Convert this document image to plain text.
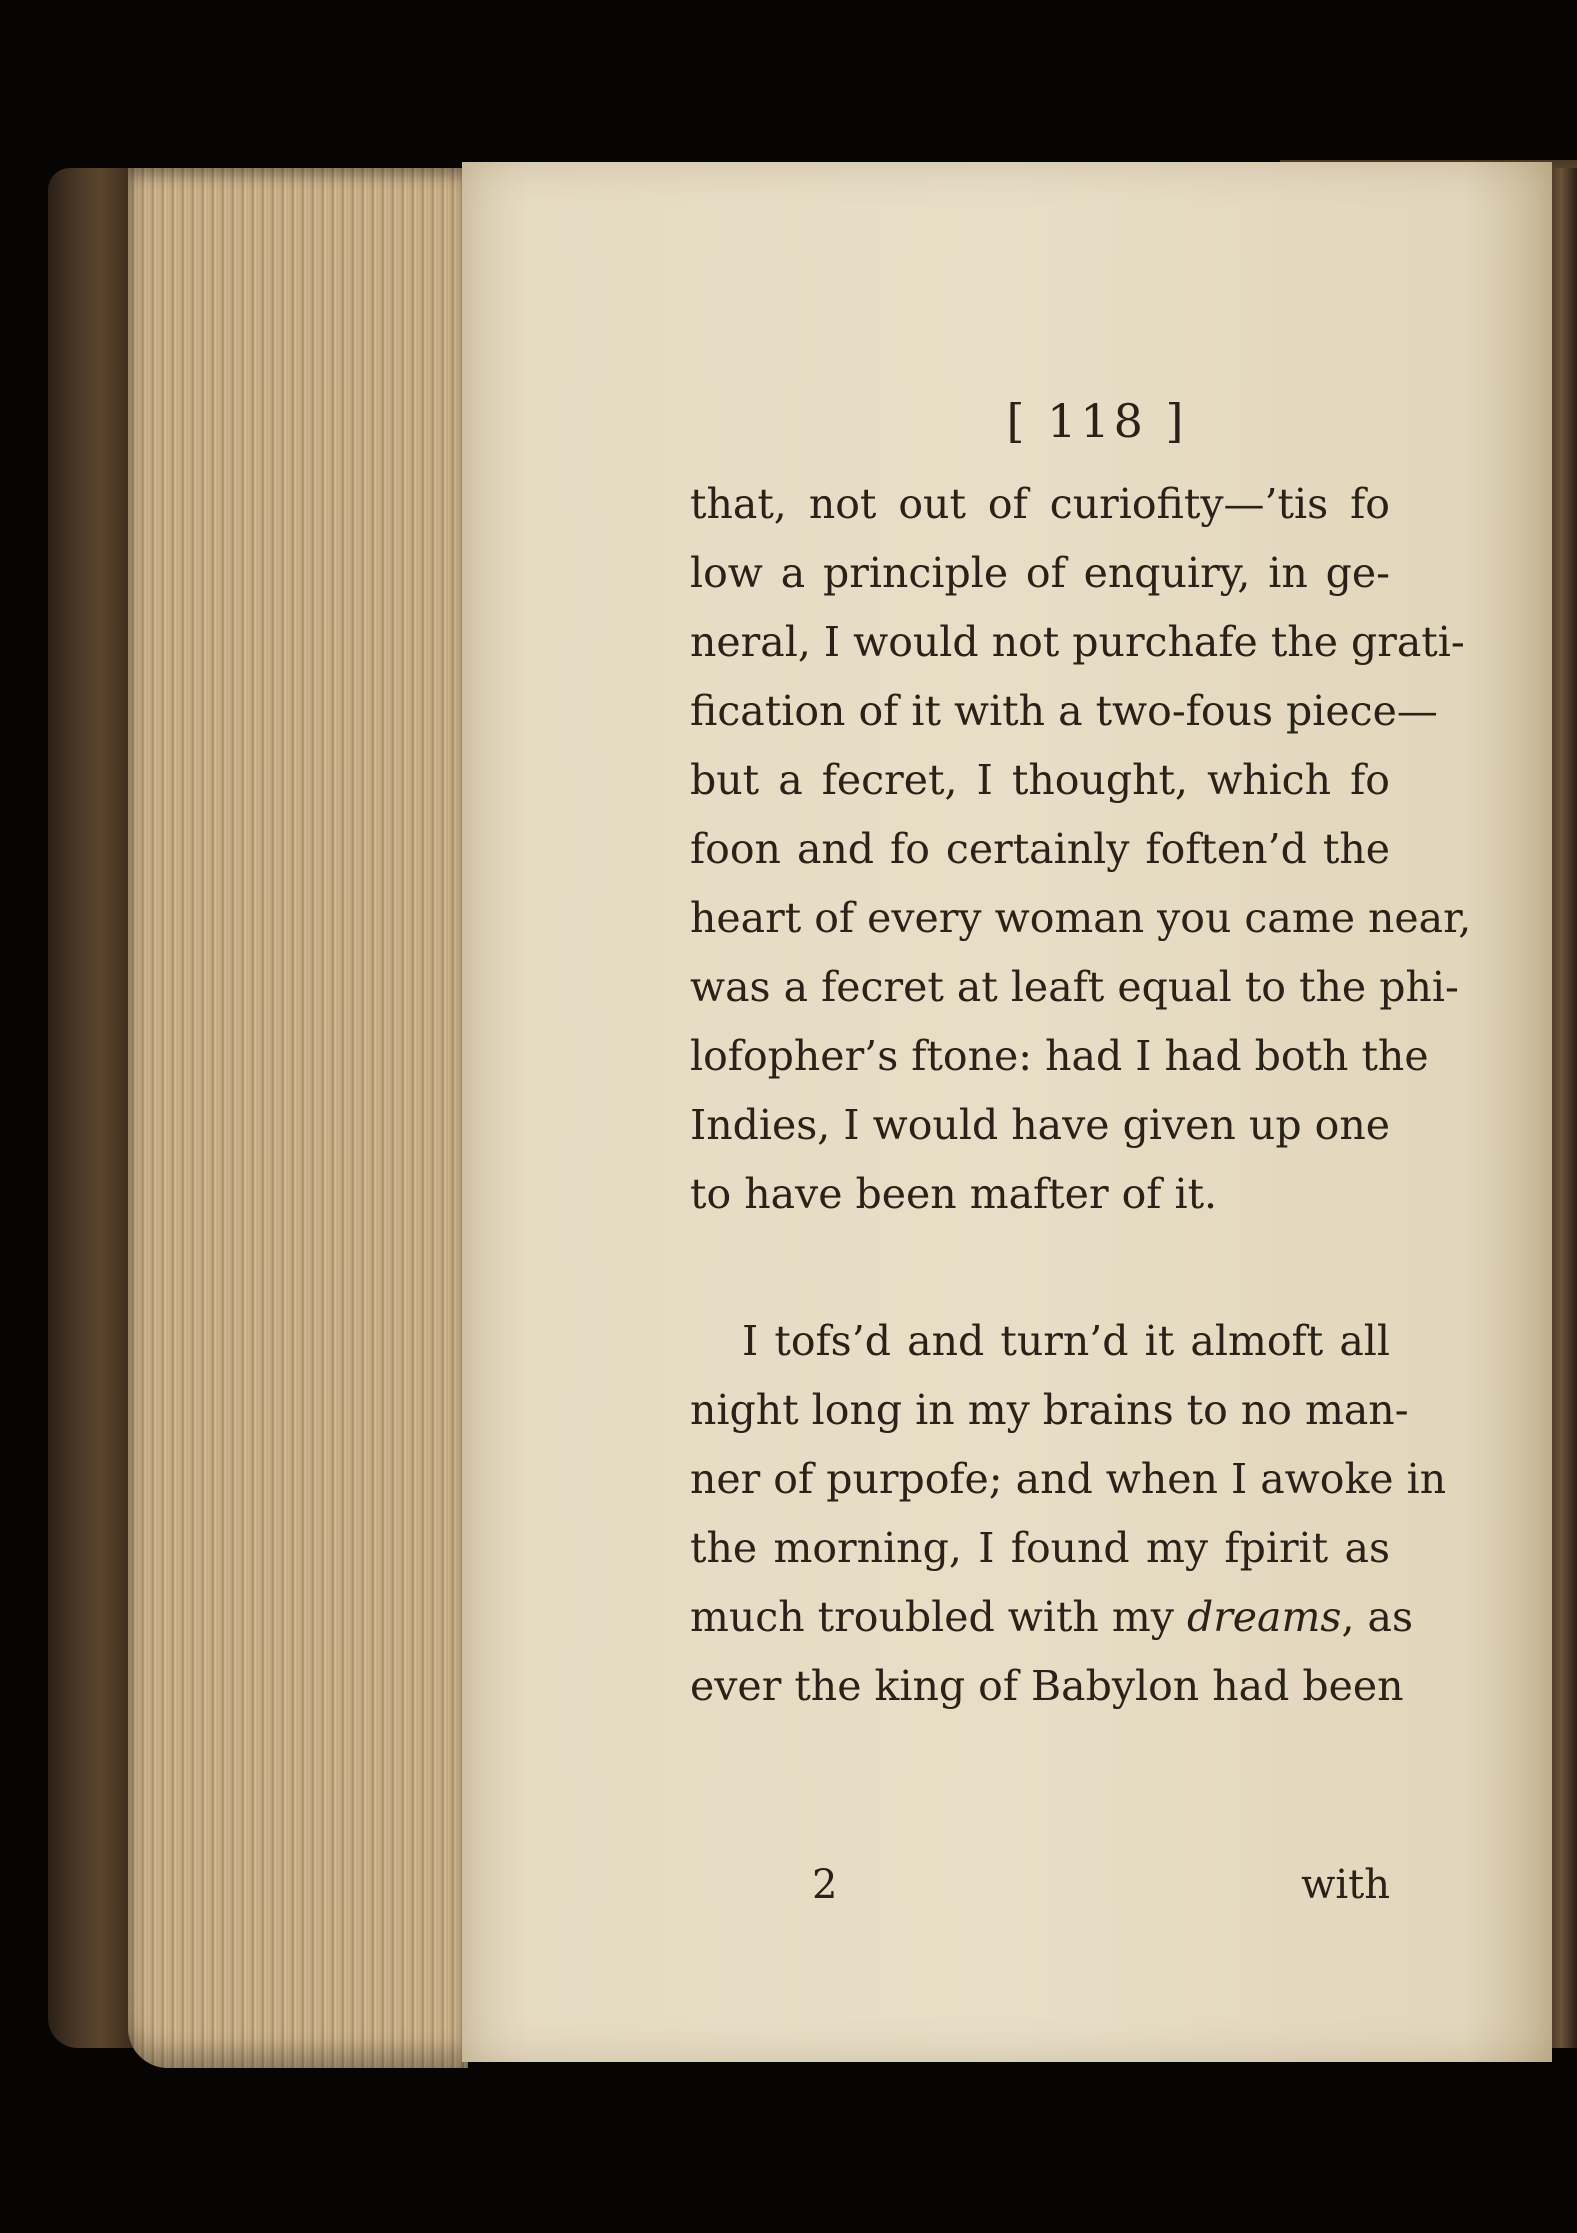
[ 118 ]
that, not out of curiofity—’tis fo
low a principle of enquiry, in ge-
neral, I would not purchafe the grati-
fication of it with a two-fous piece—
but a fecret, I thought, which fo
foon and fo certainly foften’d the
heart of every woman you came near,
was a fecret at leaft equal to the phi-
lofopher’s ftone: had I had both the
Indies, I would have given up one
to have been mafter of it.
I tofs’d and turn’d it almoft all
night long in my brains to no man-
ner of purpofe; and when I awoke in
the morning, I found my fpirit as
much troubled with my dreams, as
ever the king of Babylon had been
2	with
